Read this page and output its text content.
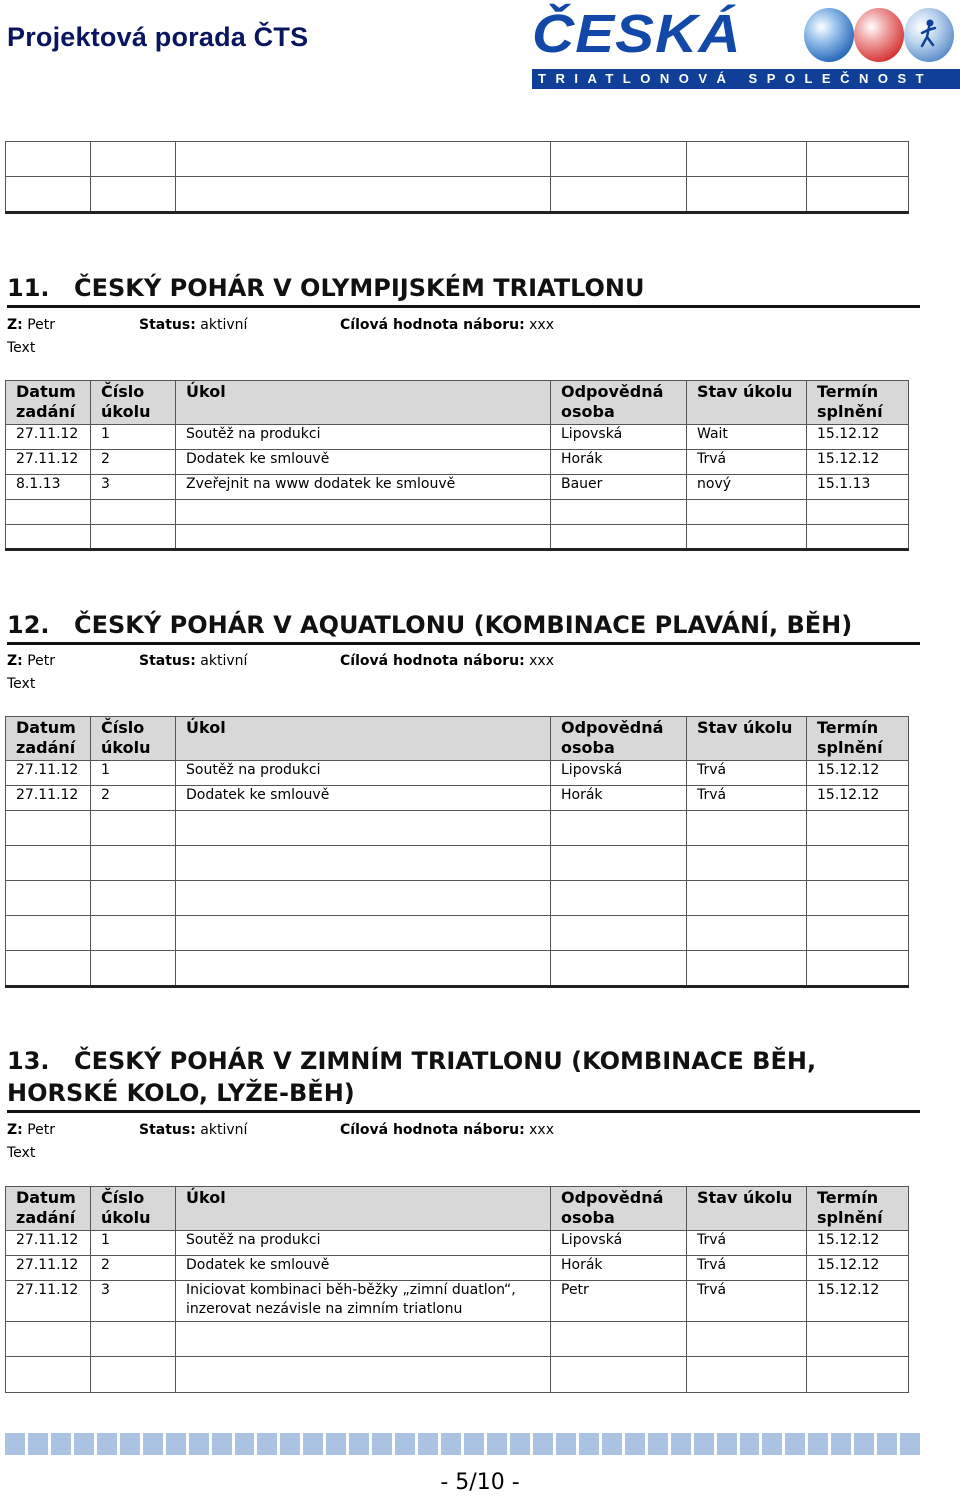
Projektová porada ČTS	ČESKÁ
TRIATLONOVÁ SPOLEČNOST

11. ČESKÝ POHÁR V OLYMPIJSKÉM TRIATLONU
Z: Petr	Status: aktivní	Cílová hodnota náboru: xxx
Text
Datum zadání	Číslo úkolu	Úkol	Odpovědná osoba	Stav úkolu	Termín splnění
27.11.12	1	Soutěž na produkci	Lipovská	Wait	15.12.12
27.11.12	2	Dodatek ke smlouvě	Horák	Trvá	15.12.12
8.1.13	3	Zveřejnit na www dodatek ke smlouvě	Bauer	nový	15.1.13

12. ČESKÝ POHÁR V AQUATLONU (KOMBINACE PLAVÁNÍ, BĚH)
Z: Petr	Status: aktivní	Cílová hodnota náboru: xxx
Text
Datum zadání	Číslo úkolu	Úkol	Odpovědná osoba	Stav úkolu	Termín splnění
27.11.12	1	Soutěž na produkci	Lipovská	Trvá	15.12.12
27.11.12	2	Dodatek ke smlouvě	Horák	Trvá	15.12.12

13. ČESKÝ POHÁR V ZIMNÍM TRIATLONU (KOMBINACE BĚH,
HORSKÉ KOLO, LYŽE-BĚH)
Z: Petr	Status: aktivní	Cílová hodnota náboru: xxx
Text
Datum zadání	Číslo úkolu	Úkol	Odpovědná osoba	Stav úkolu	Termín splnění
27.11.12	1	Soutěž na produkci	Lipovská	Trvá	15.12.12
27.11.12	2	Dodatek ke smlouvě	Horák	Trvá	15.12.12
27.11.12	3	Iniciovat kombinaci běh-běžky „zimní duatlon“, inzerovat nezávisle na zimním triatlonu	Petr	Trvá	15.12.12

- 5/10 -
